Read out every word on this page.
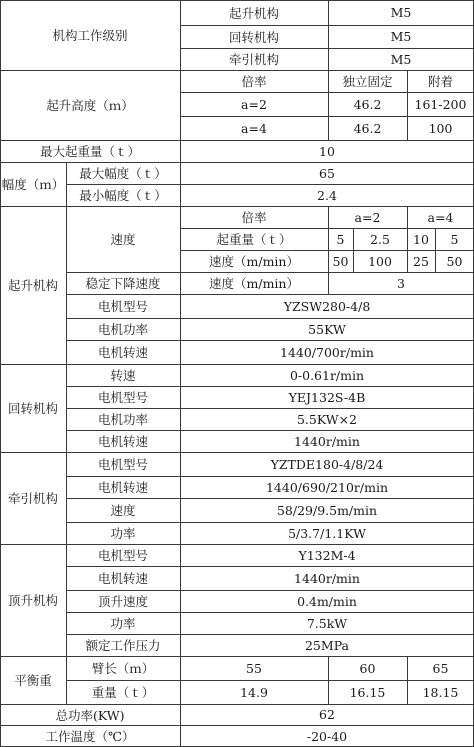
机构工作级别
起升机构	M5
回转机构	M5
牵引机构	M5
起升高度（ｍ）
倍率	独立固定	附着
a=2	46.2	161-200
a=4	46.2	100
最大起重量（ｔ）	10
幅度（ｍ）
最大幅度（ｔ）	65
最小幅度（ｔ）	2.4
起升机构
速度
倍率	a=2	a=4
起重量（ｔ）	5	2.5	10	5
速度（m/min）	50	100	25	50
稳定下降速度	速度（m/min）	3
电机型号	YZSW280-4/8
电机功率	55KW
电机转速	1440/700r/min
回转机构
转速	0-0.61r/min
电机型号	YEJ132S-4B
电机功率	5.5KW×2
电机转速	1440r/min
牵引机构
电机型号	YZTDE180-4/8/24
电机转速	1440/690/210r/min
速度	58/29/9.5m/min
功率	5/3.7/1.1KW
顶升机构
电机型号	Y132M-4
电机转速	1440r/min
顶升速度	0.4m/min
功率	7.5kW
额定工作压力	25MPa
平衡重
臂长（ｍ）	55	60	65
重量（ｔ）	14.9	16.15	18.15
总功率(KW)	62
工作温度（℃）	-20-40
